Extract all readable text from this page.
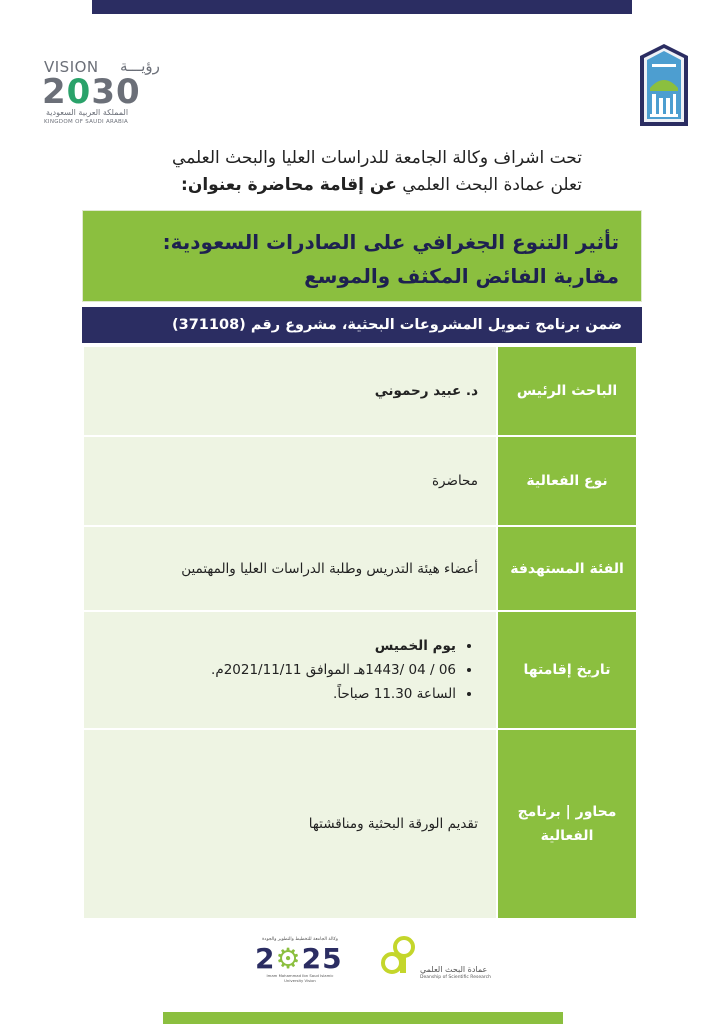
VISION رؤيـــة
2030
المملكة العربية السعودية
KINGDOM OF SAUDI ARABIA
تحت اشراف وكالة الجامعة للدراسات العليا والبحث العلمي
تعلن عمادة البحث العلمي عن إقامة محاضرة بعنوان:
تأثير التنوع الجغرافي على الصادرات السعودية: مقاربة الفائض المكثف والموسع
ضمن برنامج تمويل المشروعات البحثية، مشروع رقم (371108)
الباحث الرئيس
د. عبيد رحموني
نوع الفعالية
محاضرة
الفئة المستهدفة
أعضاء هيئة التدريس وطلبة الدراسات العليا والمهتمين
تاريخ إقامتها
• يوم الخميس
• 06 / 04 /1443هـ الموافق 2021/11/11م.
• الساعة 11.30 صباحاً.
محاور | برنامج الفعالية
تقديم الورقة البحثية ومناقشتها
وكالة الجامعة للتخطيط والتطوير والجودة
2⚙25
Imam Mohammad Ibn Saud Islamic University Vision
عمادة البحث العلمي
Deanship of Scientific Research
